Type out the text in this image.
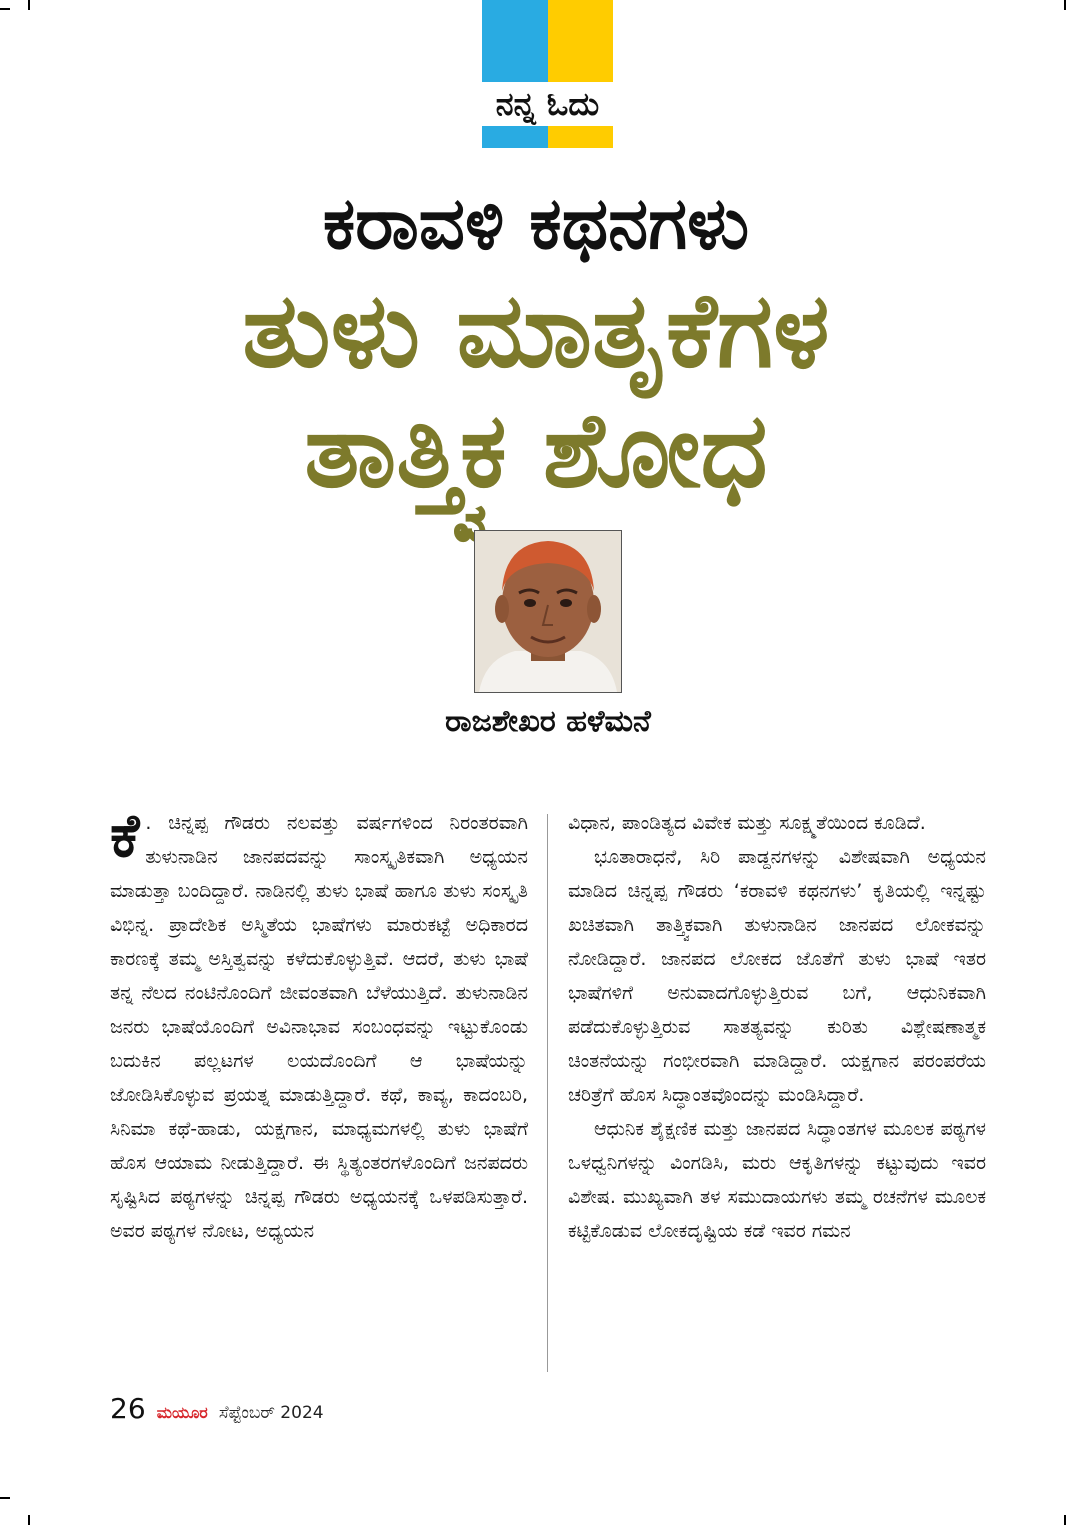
ನನ್ನ ಓದು
ಕರಾವಳಿ ಕಥನಗಳು
ತುಳು ಮಾತೃಕೆಗಳ
ತಾತ್ತ್ವಿಕ ಶೋಧ
ರಾಜಶೇಖರ ಹಳೆಮನೆ
ಕೆ . ಚಿನ್ನಪ್ಪ ಗೌಡರು ನಲವತ್ತು ವರ್ಷಗಳಿಂದ ನಿರಂತರವಾಗಿ ತುಳುನಾಡಿನ ಜಾನಪದವನ್ನು ಸಾಂಸ್ಕೃತಿಕವಾಗಿ ಅಧ್ಯಯನ ಮಾಡುತ್ತಾ ಬಂದಿದ್ದಾರೆ. ನಾಡಿನಲ್ಲಿ ತುಳು ಭಾಷೆ ಹಾಗೂ ತುಳು ಸಂಸ್ಕೃತಿ ವಿಭಿನ್ನ. ಪ್ರಾದೇಶಿಕ ಅಸ್ಮಿತೆಯ ಭಾಷೆಗಳು ಮಾರುಕಟ್ಟೆ ಅಧಿಕಾರದ ಕಾರಣಕ್ಕೆ ತಮ್ಮ ಅಸ್ತಿತ್ವವನ್ನು ಕಳೆದುಕೊಳ್ಳುತ್ತಿವೆ. ಆದರೆ, ತುಳು ಭಾಷೆ ತನ್ನ ನೆಲದ ನಂಟಿನೊಂದಿಗೆ ಜೀವಂತವಾಗಿ ಬೆಳೆಯುತ್ತಿದೆ. ತುಳುನಾಡಿನ ಜನರು ಭಾಷೆಯೊಂದಿಗೆ ಅವಿನಾಭಾವ ಸಂಬಂಧವನ್ನು ಇಟ್ಟುಕೊಂಡು ಬದುಕಿನ ಪಲ್ಲಟಗಳ ಲಯದೊಂದಿಗೆ ಆ ಭಾಷೆಯನ್ನು ಜೋಡಿಸಿಕೊಳ್ಳುವ ಪ್ರಯತ್ನ ಮಾಡುತ್ತಿದ್ದಾರೆ. ಕಥೆ, ಕಾವ್ಯ, ಕಾದಂಬರಿ, ಸಿನಿಮಾ ಕಥೆ-ಹಾಡು, ಯಕ್ಷಗಾನ, ಮಾಧ್ಯಮಗಳಲ್ಲಿ ತುಳು ಭಾಷೆಗೆ ಹೊಸ ಆಯಾಮ ನೀಡುತ್ತಿದ್ದಾರೆ. ಈ ಸ್ಥಿತ್ಯಂತರಗಳೊಂದಿಗೆ ಜನಪದರು ಸೃಷ್ಟಿಸಿದ ಪಠ್ಯಗಳನ್ನು ಚಿನ್ನಪ್ಪ ಗೌಡರು ಅಧ್ಯಯನಕ್ಕೆ ಒಳಪಡಿಸುತ್ತಾರೆ. ಅವರ ಪಠ್ಯಗಳ ನೋಟ, ಅಧ್ಯಯನ

ವಿಧಾನ, ಪಾಂಡಿತ್ಯದ ವಿವೇಕ ಮತ್ತು ಸೂಕ್ಷ್ಮತೆಯಿಂದ ಕೂಡಿದೆ.

ಭೂತಾರಾಧನೆ, ಸಿರಿ ಪಾಡ್ದನಗಳನ್ನು ವಿಶೇಷವಾಗಿ ಅಧ್ಯಯನ ಮಾಡಿದ ಚಿನ್ನಪ್ಪ ಗೌಡರು ‘ಕರಾವಳಿ ಕಥನಗಳು’ ಕೃತಿಯಲ್ಲಿ ಇನ್ನಷ್ಟು ಖಚಿತವಾಗಿ ತಾತ್ತ್ವಿಕವಾಗಿ ತುಳುನಾಡಿನ ಜಾನಪದ ಲೋಕವನ್ನು ನೋಡಿದ್ದಾರೆ. ಜಾನಪದ ಲೋಕದ ಜೊತೆಗೆ ತುಳು ಭಾಷೆ ಇತರ ಭಾಷೆಗಳಿಗೆ ಅನುವಾದಗೊಳ್ಳುತ್ತಿರುವ ಬಗೆ, ಆಧುನಿಕವಾಗಿ ಪಡೆದುಕೊಳ್ಳುತ್ತಿರುವ ಸಾತತ್ಯವನ್ನು ಕುರಿತು ವಿಶ್ಲೇಷಣಾತ್ಮಕ ಚಿಂತನೆಯನ್ನು ಗಂಭೀರವಾಗಿ ಮಾಡಿದ್ದಾರೆ. ಯಕ್ಷಗಾನ ಪರಂಪರೆಯ ಚರಿತ್ರೆಗೆ ಹೊಸ ಸಿದ್ಧಾಂತವೊಂದನ್ನು ಮಂಡಿಸಿದ್ದಾರೆ.

ಆಧುನಿಕ ಶೈಕ್ಷಣಿಕ ಮತ್ತು ಜಾನಪದ ಸಿದ್ಧಾಂತಗಳ ಮೂಲಕ ಪಠ್ಯಗಳ ಒಳಧ್ವನಿಗಳನ್ನು ವಿಂಗಡಿಸಿ, ಮರು ಆಕೃತಿಗಳನ್ನು ಕಟ್ಟುವುದು ಇವರ ವಿಶೇಷ. ಮುಖ್ಯವಾಗಿ ತಳ ಸಮುದಾಯಗಳು ತಮ್ಮ ರಚನೆಗಳ ಮೂಲಕ ಕಟ್ಟಿಕೊಡುವ ಲೋಕದೃಷ್ಟಿಯ ಕಡೆ ಇವರ ಗಮನ

26 ಮಯೂರ ಸೆಪ್ಟೆಂಬರ್ 2024
